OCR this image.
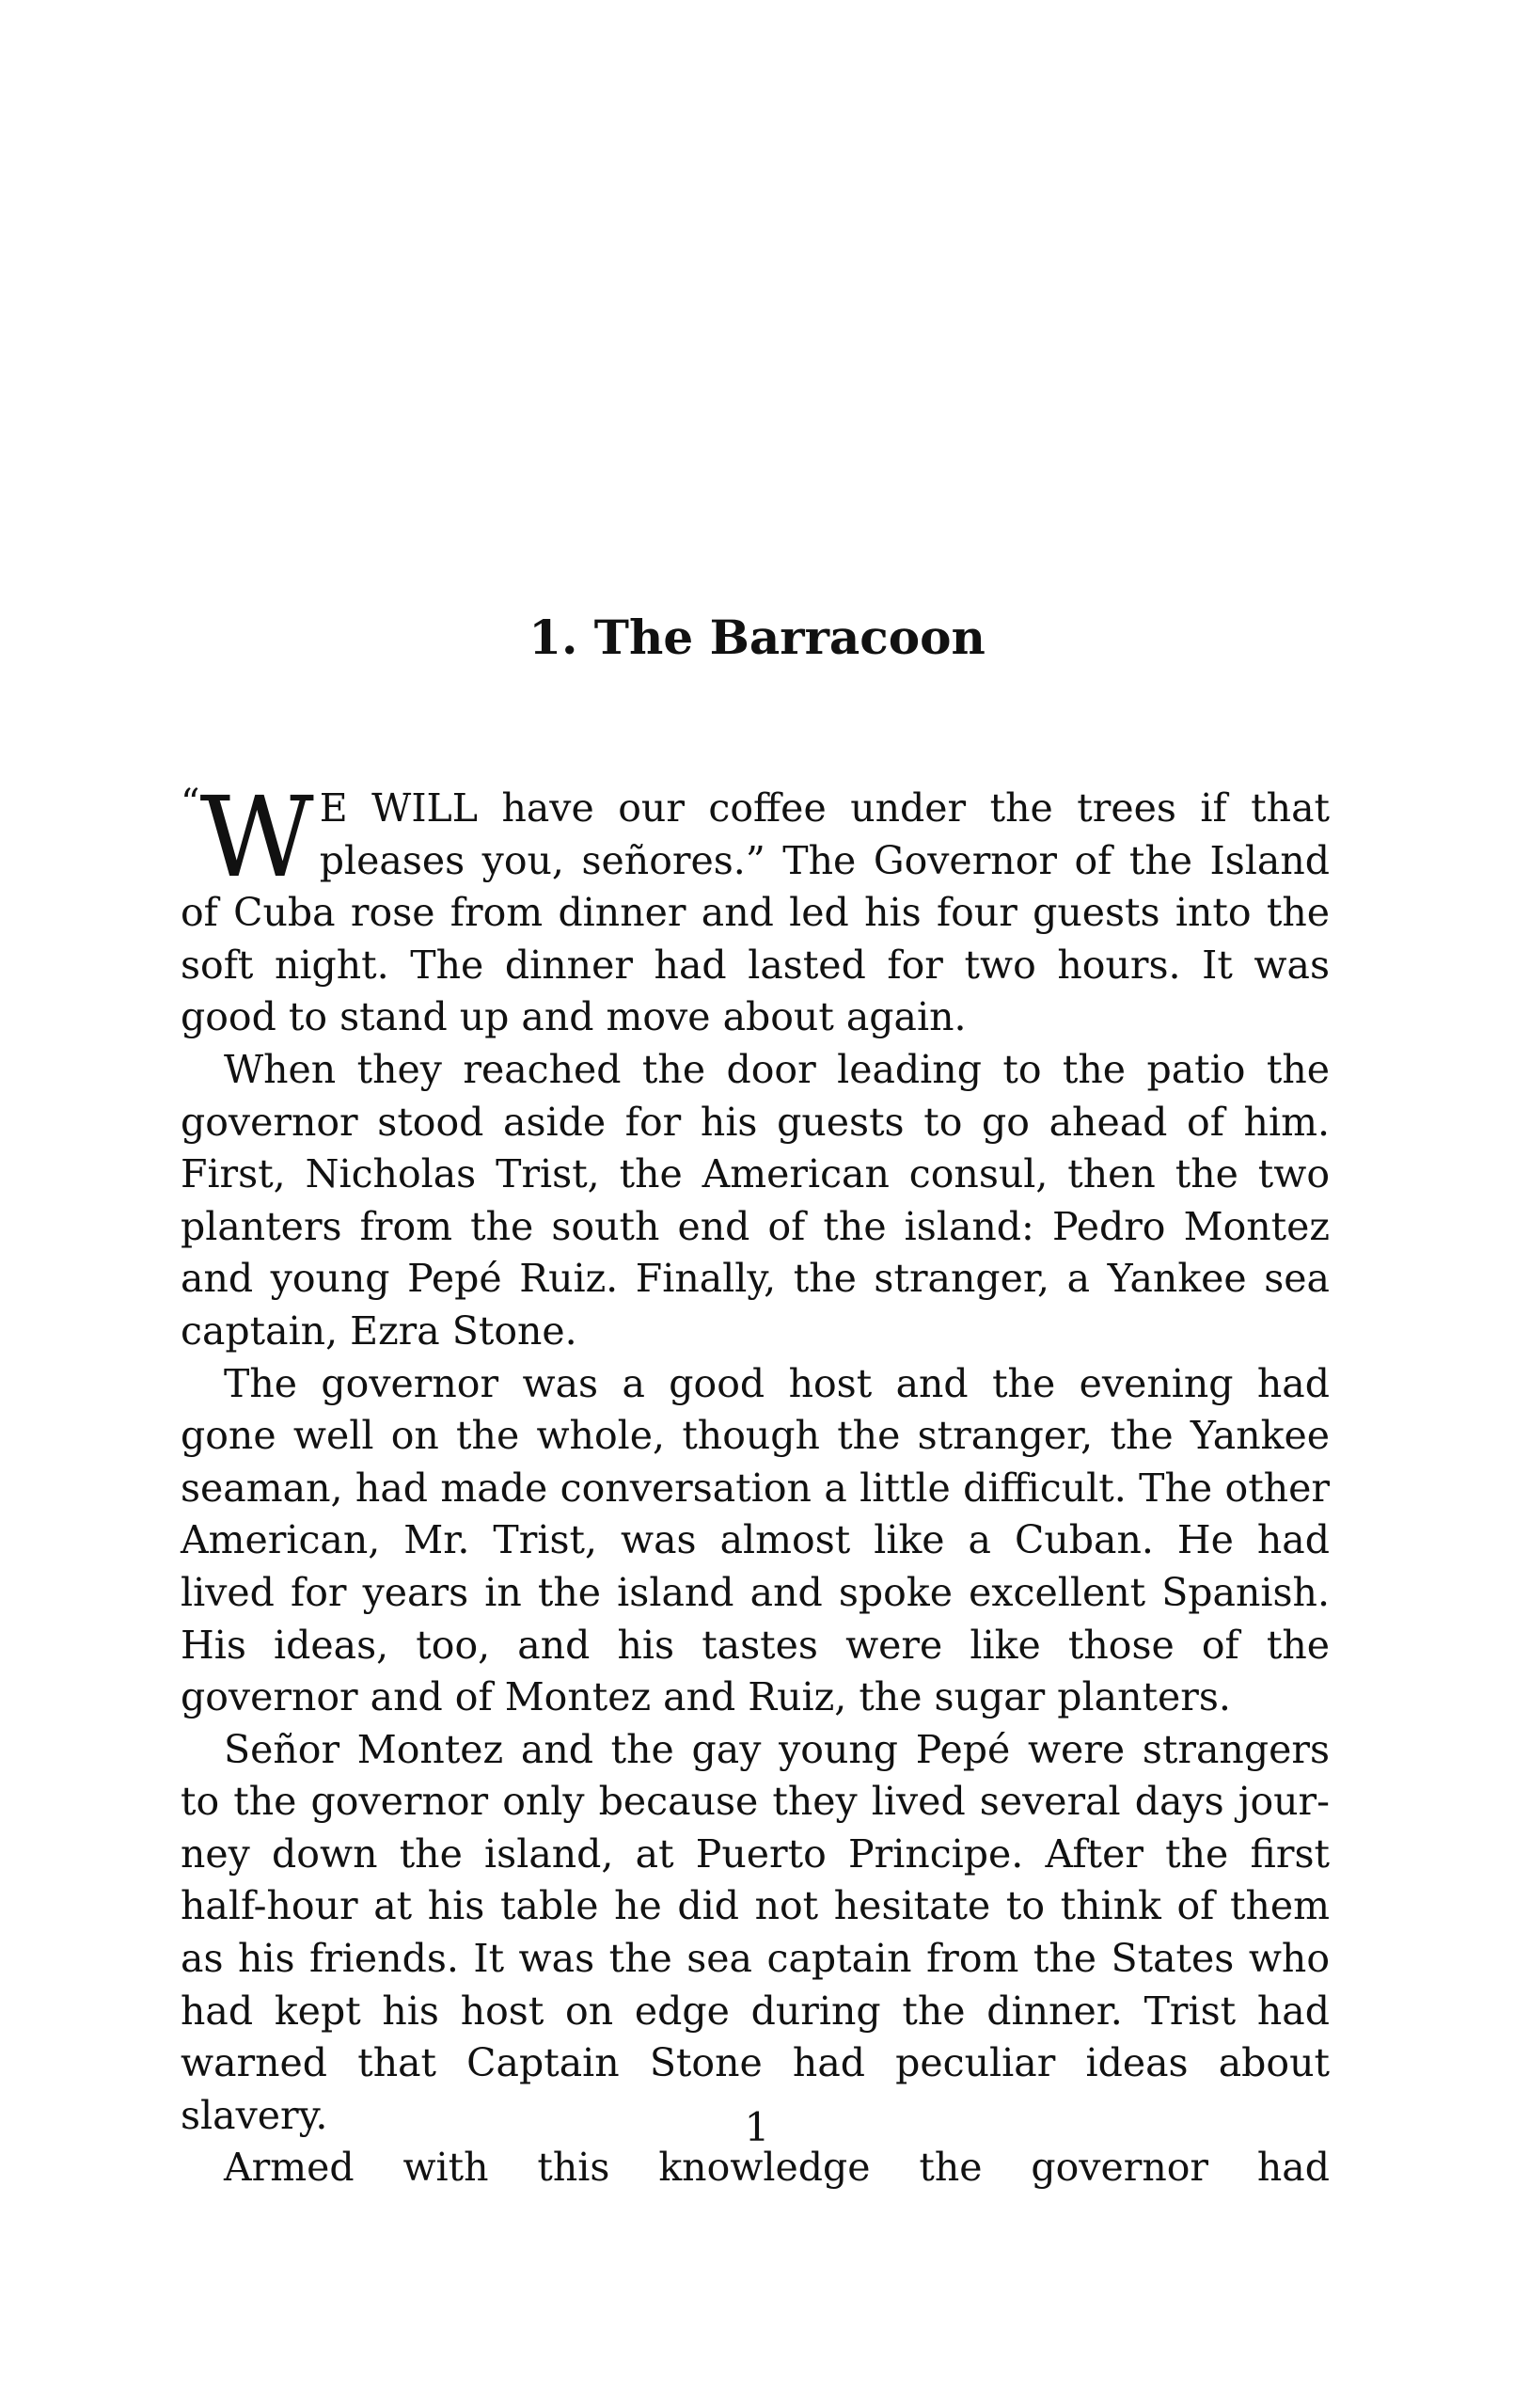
1. The Barracoon

“W E WILL have our coffee under the trees if that pleases you, señores.” The Governor of the Island of Cuba rose from dinner and led his four guests into the soft night. The dinner had lasted for two hours. It was good to stand up and move about again.

When they reached the door leading to the patio the governor stood aside for his guests to go ahead of him. First, Nicholas Trist, the American consul, then the two planters from the south end of the island: Pedro Montez and young Pepé Ruiz. Finally, the stranger, a Yankee sea captain, Ezra Stone.

The governor was a good host and the evening had gone well on the whole, though the stranger, the Yankee seaman, had made conversation a little difficult. The other American, Mr. Trist, was almost like a Cuban. He had lived for years in the island and spoke excellent Spanish. His ideas, too, and his tastes were like those of the governor and of Montez and Ruiz, the sugar planters.

Señor Montez and the gay young Pepé were strangers to the governor only because they lived several days journey down the island, at Puerto Principe. After the first half-hour at his table he did not hesitate to think of them as his friends. It was the sea captain from the States who had kept his host on edge during the dinner. Trist had warned that Captain Stone had peculiar ideas about slavery.

Armed with this knowledge the governor had

1
